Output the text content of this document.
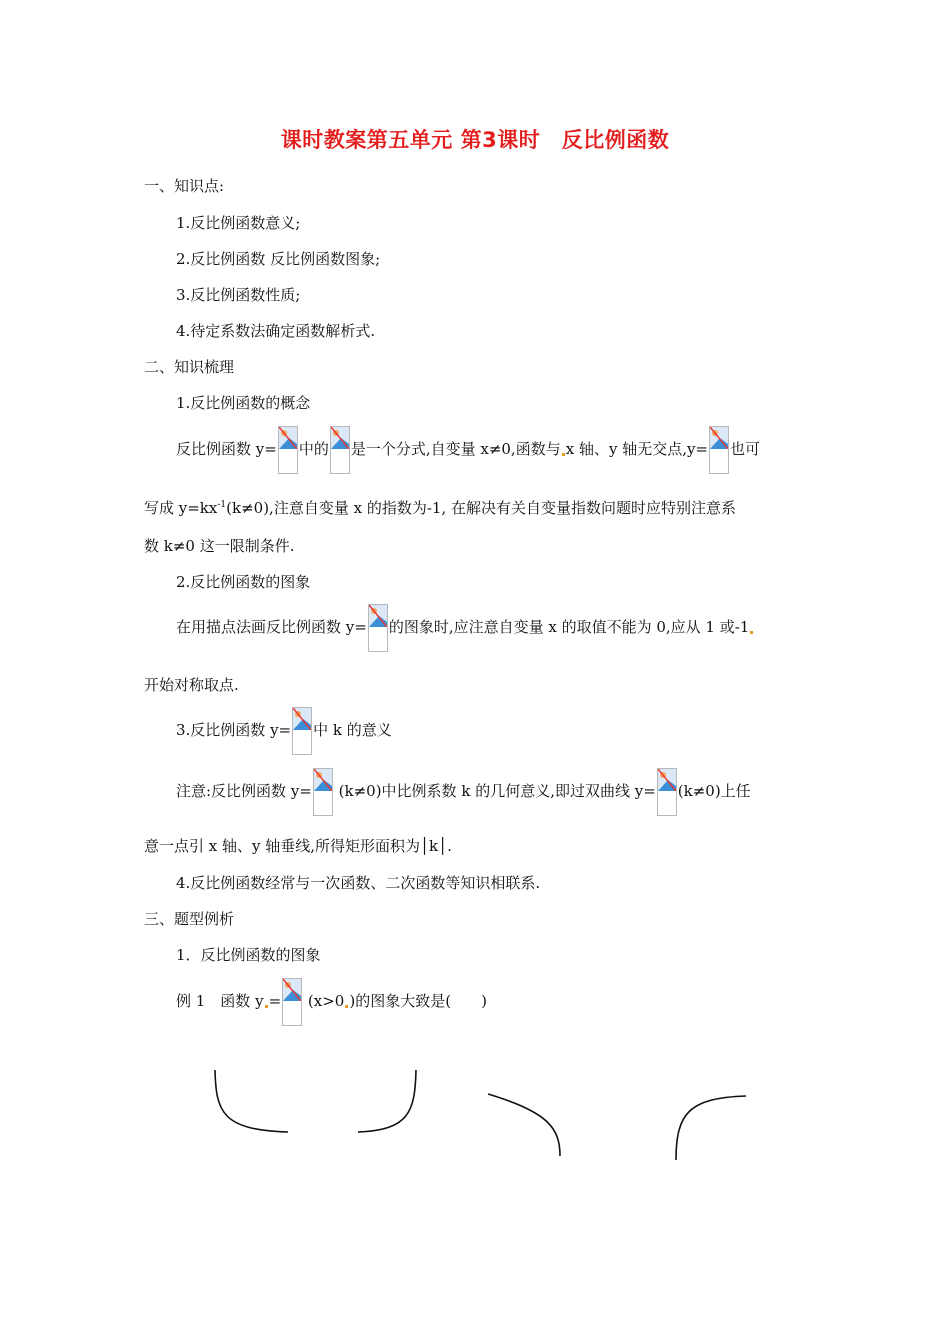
课时教案第五单元 第3课时　反比例函数
一、知识点:
1.反比例函数意义;
2.反比例函数 反比例函数图象;
3.反比例函数性质;
4.待定系数法确定函数解析式.
二、知识梳理
1.反比例函数的概念
反比例函数 y= 中的 是一个分式,自变量 x≠0,函数与 x 轴、y 轴无交点,y= 也可
写成 $y=kx^{-1}(k\ne 0)$,注意自变量 x 的指数为-1, 在解决有关自变量指数问题时应特别注意系
数 k≠0 这一限制条件.
2.反比例函数的图象
在用描点法画反比例函数 y= 的图象时,应注意自变量 x 的取值不能为 0,应从 1 或-1
开始对称取点.
3.反比例函数 y= 中 k 的意义
注意:反比例函数 y= (k≠0)中比例系数 k 的几何意义,即过双曲线 y= (k≠0)上任
意一点引 x 轴、y 轴垂线,所得矩形面积为│k│.
4.反比例函数经常与一次函数、二次函数等知识相联系.
三、题型例析
1．反比例函数的图象
例 1　函数 y = (x>0 )的图象大致是(　　)
